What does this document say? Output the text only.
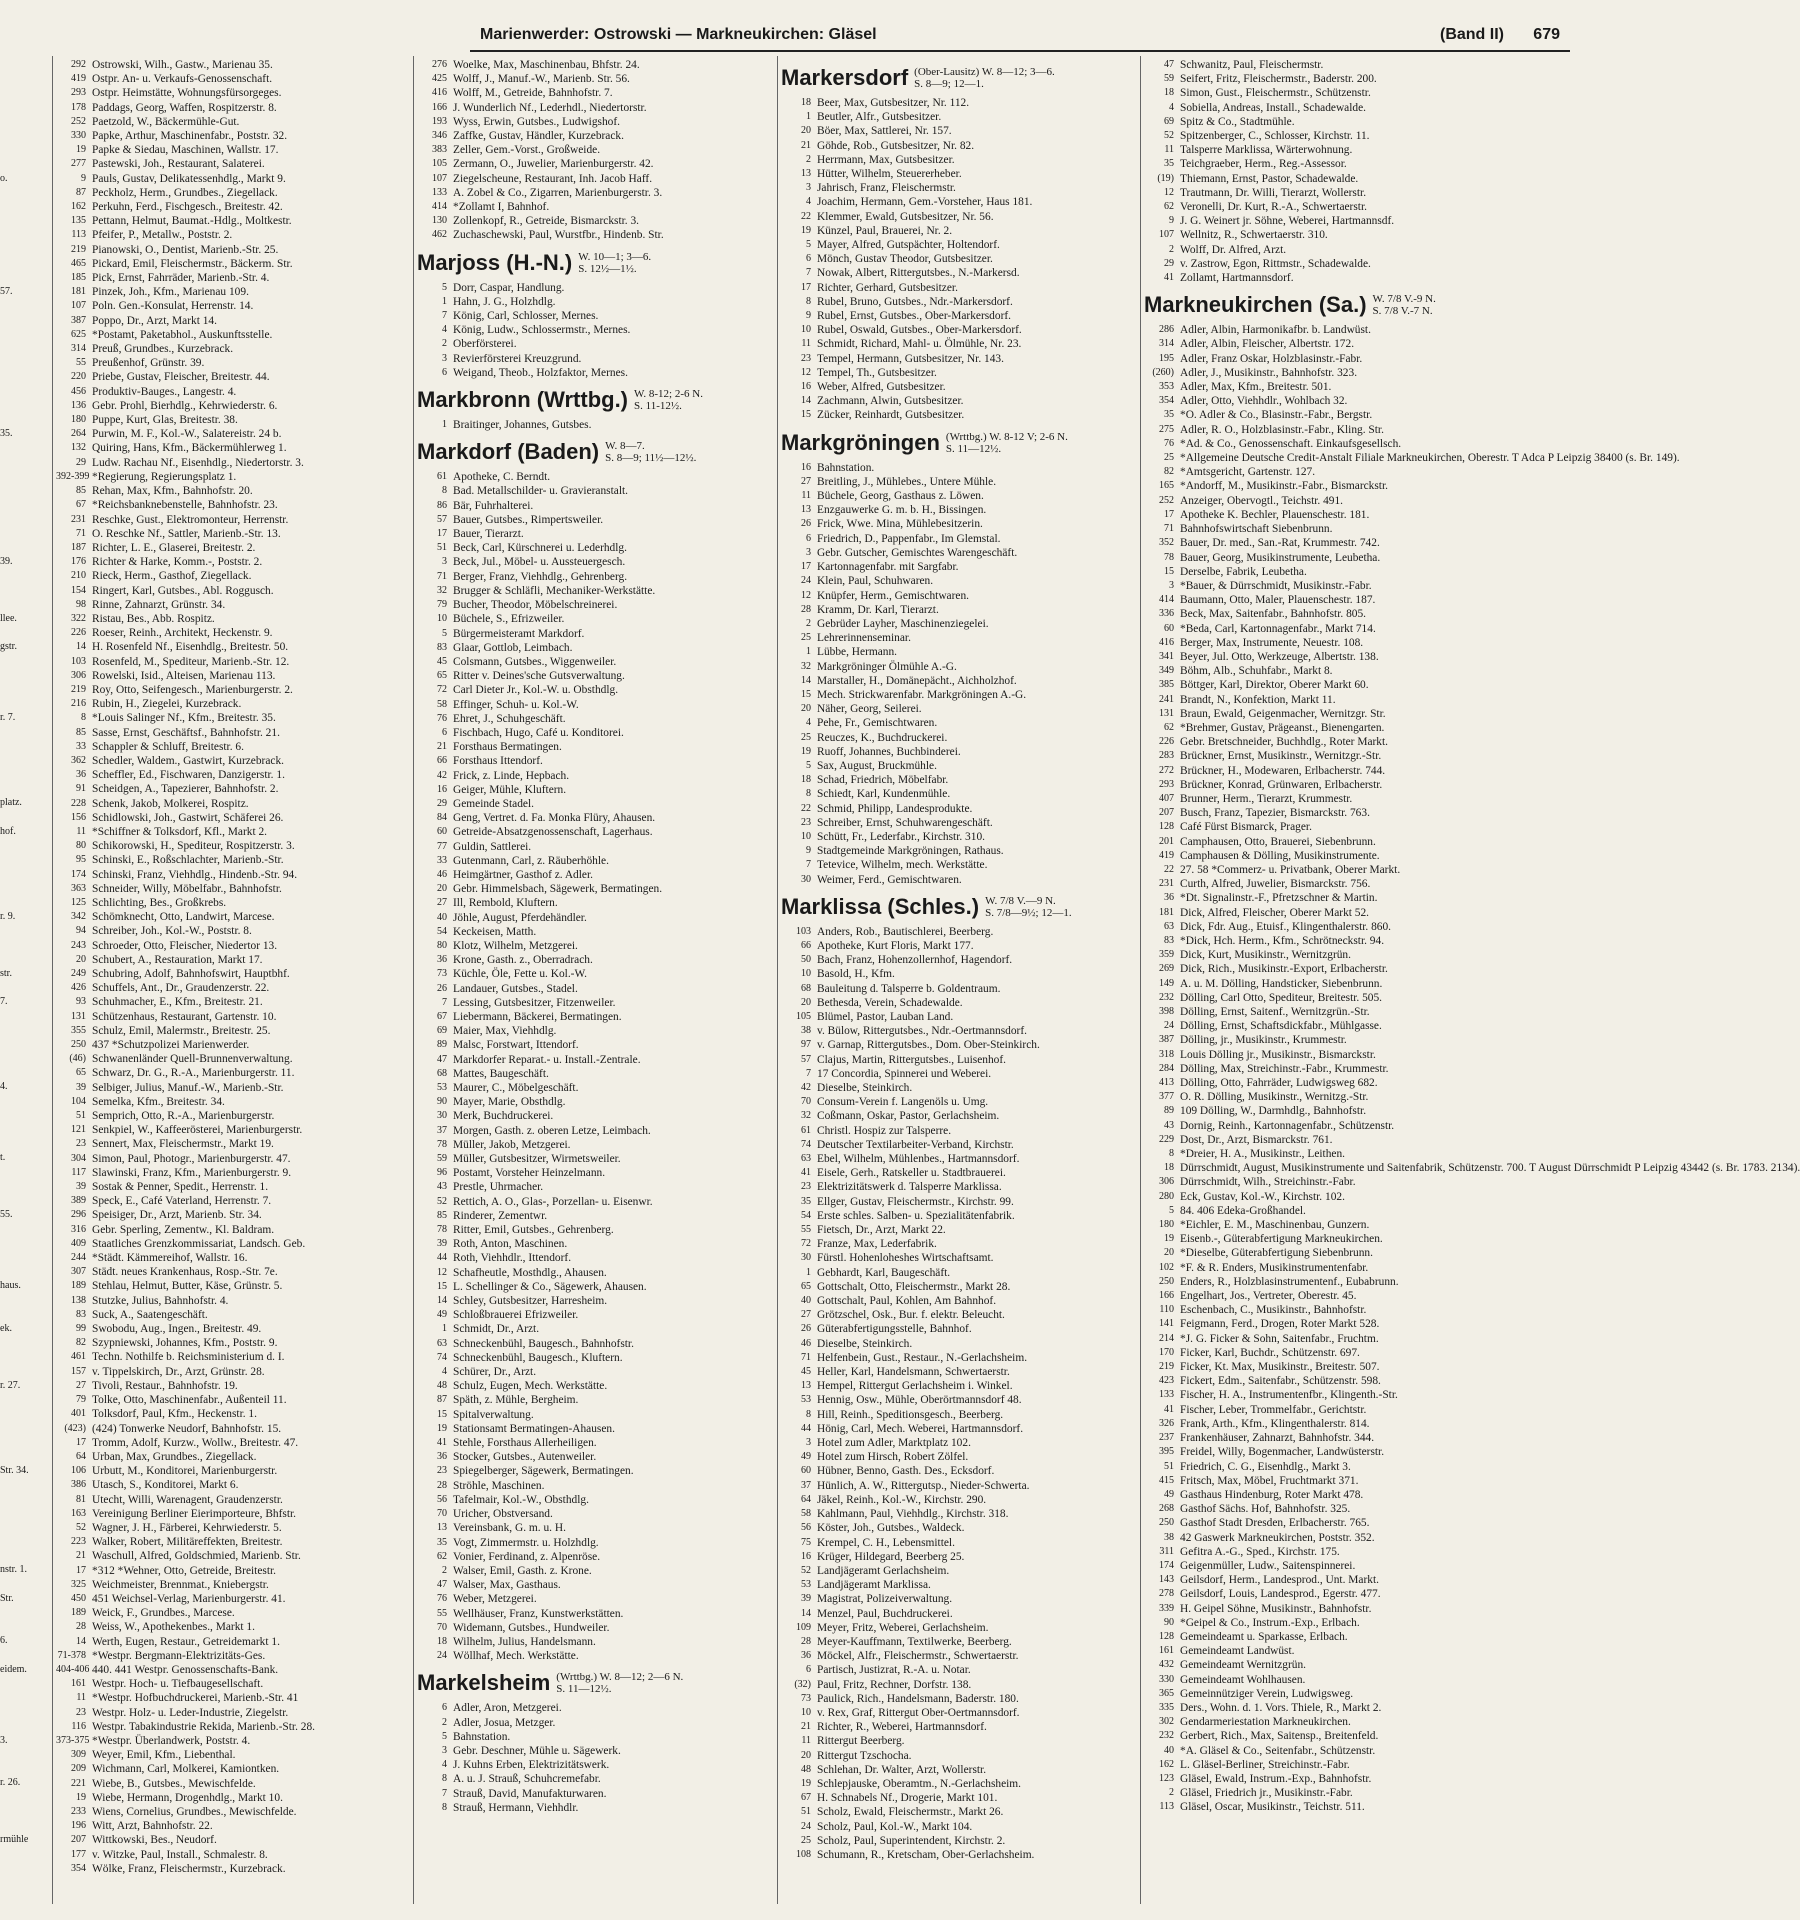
Marienwerder: Ostrowski — Markneukirchen: Gläsel	(Band II) 679
o.
57.
35.
39.
llee.
gstr.
r. 7.
platz.
hof.
r. 9.
str.
7.
4.
t.
55.
haus.
ek.
r. 27.
Str. 34.
nstr. 1.
Str.
6.
eidem.
3.
r. 26.
rmühle
292 Ostrowski, Wilh., Gastw., Marienau 35.
419 Ostpr. An- u. Verkaufs-Genossenschaft.
293 Ostpr. Heimstätte, Wohnungsfürsorgeges.
178 Paddags, Georg, Waffen, Rospitzerstr. 8.
252 Paetzold, W., Bäckermühle-Gut.
330 Papke, Arthur, Maschinenfabr., Poststr. 32.
19 Papke & Siedau, Maschinen, Wallstr. 17.
277 Pastewski, Joh., Restaurant, Salaterei.
9 Pauls, Gustav, Delikatessenhdlg., Markt 9.
87 Peckholz, Herm., Grundbes., Ziegellack.
162 Perkuhn, Ferd., Fischgesch., Breitestr. 42.
135 Pettann, Helmut, Baumat.-Hdlg., Moltkestr.
113 Pfeifer, P., Metallw., Poststr. 2.
219 Pianowski, O., Dentist, Marienb.-Str. 25.
465 Pickard, Emil, Fleischermstr., Bäckerm. Str.
185 Pick, Ernst, Fahrräder, Marienb.-Str. 4.
181 Pinzek, Joh., Kfm., Marienau 109.
107 Poln. Gen.-Konsulat, Herrenstr. 14.
387 Poppo, Dr., Arzt, Markt 14.
625 *Postamt, Paketabhol., Auskunftsstelle.
314 Preuß, Grundbes., Kurzebrack.
55 Preußenhof, Grünstr. 39.
220 Priebe, Gustav, Fleischer, Breitestr. 44.
456 Produktiv-Bauges., Langestr. 4.
136 Gebr. Prohl, Bierhdlg., Kehrwiederstr. 6.
180 Puppe, Kurt, Glas, Breitestr. 38.
264 Purwin, M. F., Kol.-W., Salatereistr. 24 b.
132 Quiring, Hans, Kfm., Bäckermühlerweg 1.
29 Ludw. Rachau Nf., Eisenhdlg., Niedertorstr. 3.
392-399 *Regierung, Regierungsplatz 1.
85 Rehan, Max, Kfm., Bahnhofstr. 20.
67 *Reichsbanknebenstelle, Bahnhofstr. 23.
231 Reschke, Gust., Elektromonteur, Herrenstr.
71 O. Reschke Nf., Sattler, Marienb.-Str. 13.
187 Richter, L. E., Glaserei, Breitestr. 2.
176 Richter & Harke, Komm.-, Poststr. 2.
210 Rieck, Herm., Gasthof, Ziegellack.
154 Ringert, Karl, Gutsbes., Abl. Roggusch.
98 Rinne, Zahnarzt, Grünstr. 34.
322 Ristau, Bes., Abb. Rospitz.
226 Roeser, Reinh., Architekt, Heckenstr. 9.
14 H. Rosenfeld Nf., Eisenhdlg., Breitestr. 50.
103 Rosenfeld, M., Spediteur, Marienb.-Str. 12.
306 Rowelski, Isid., Alteisen, Marienau 113.
219 Roy, Otto, Seifengesch., Marienburgerstr. 2.
216 Rubin, H., Ziegelei, Kurzebrack.
8 *Louis Salinger Nf., Kfm., Breitestr. 35.
85 Sasse, Ernst, Geschäftsf., Bahnhofstr. 21.
33 Schappler & Schluff, Breitestr. 6.
362 Schedler, Waldem., Gastwirt, Kurzebrack.
36 Scheffler, Ed., Fischwaren, Danzigerstr. 1.
91 Scheidgen, A., Tapezierer, Bahnhofstr. 2.
228 Schenk, Jakob, Molkerei, Rospitz.
156 Schidlowski, Joh., Gastwirt, Schäferei 26.
11 *Schiffner & Tolksdorf, Kfl., Markt 2.
80 Schikorowski, H., Spediteur, Rospitzerstr. 3.
95 Schinski, E., Roßschlachter, Marienb.-Str.
174 Schinski, Franz, Viehhdlg., Hindenb.-Str. 94.
363 Schneider, Willy, Möbelfabr., Bahnhofstr.
125 Schlichting, Bes., Großkrebs.
342 Schömknecht, Otto, Landwirt, Marcese.
94 Schreiber, Joh., Kol.-W., Poststr. 8.
243 Schroeder, Otto, Fleischer, Niedertor 13.
20 Schubert, A., Restauration, Markt 17.
249 Schubring, Adolf, Bahnhofswirt, Hauptbhf.
426 Schuffels, Ant., Dr., Graudenzerstr. 22.
93 Schuhmacher, E., Kfm., Breitestr. 21.
131 Schützenhaus, Restaurant, Gartenstr. 10.
355 Schulz, Emil, Malermstr., Breitestr. 25.
250 437 *Schutzpolizei Marienwerder.
(46) Schwanenländer Quell-Brunnenverwaltung.
65 Schwarz, Dr. G., R.-A., Marienburgerstr. 11.
39 Selbiger, Julius, Manuf.-W., Marienb.-Str.
104 Semelka, Kfm., Breitestr. 34.
51 Semprich, Otto, R.-A., Marienburgerstr.
121 Senkpiel, W., Kaffeerösterei, Marienburgerstr.
23 Sennert, Max, Fleischermstr., Markt 19.
304 Simon, Paul, Photogr., Marienburgerstr. 47.
117 Slawinski, Franz, Kfm., Marienburgerstr. 9.
39 Sostak & Penner, Spedit., Herrenstr. 1.
389 Speck, E., Café Vaterland, Herrenstr. 7.
296 Speisiger, Dr., Arzt, Marienb. Str. 34.
316 Gebr. Sperling, Zementw., Kl. Baldram.
409 Staatliches Grenzkommissariat, Landsch. Geb.
244 *Städt. Kämmereihof, Wallstr. 16.
307 Städt. neues Krankenhaus, Rosp.-Str. 7e.
189 Stehlau, Helmut, Butter, Käse, Grünstr. 5.
138 Stutzke, Julius, Bahnhofstr. 4.
83 Suck, A., Saatengeschäft.
99 Swobodu, Aug., Ingen., Breitestr. 49.
82 Szypniewski, Johannes, Kfm., Poststr. 9.
461 Techn. Nothilfe b. Reichsministerium d. I.
157 v. Tippelskirch, Dr., Arzt, Grünstr. 28.
27 Tivoli, Restaur., Bahnhofstr. 19.
79 Tolke, Otto, Maschinenfabr., Außenteil 11.
401 Tolksdorf, Paul, Kfm., Heckenstr. 1.
(423) (424) Tonwerke Neudorf, Bahnhofstr. 15.
17 Tromm, Adolf, Kurzw., Wollw., Breitestr. 47.
64 Urban, Max, Grundbes., Ziegellack.
106 Urbutt, M., Konditorei, Marienburgerstr.
386 Utasch, S., Konditorei, Markt 6.
81 Utecht, Willi, Warenagent, Graudenzerstr.
163 Vereinigung Berliner Eierimporteure, Bhfstr.
52 Wagner, J. H., Färberei, Kehrwiederstr. 5.
223 Walker, Robert, Militäreffekten, Breitestr.
21 Waschull, Alfred, Goldschmied, Marienb. Str.
17 *312 *Wehner, Otto, Getreide, Breitestr.
325 Weichmeister, Brennmat., Kniebergstr.
450 451 Weichsel-Verlag, Marienburgerstr. 41.
189 Weick, F., Grundbes., Marcese.
28 Weiss, W., Apothekenbes., Markt 1.
14 Werth, Eugen, Restaur., Getreidemarkt 1.
71-378 *Westpr. Bergmann-Elektrizitäts-Ges.
404-406 440. 441 Westpr. Genossenschafts-Bank.
161 Westpr. Hoch- u. Tiefbaugesellschaft.
11 *Westpr. Hofbuchdruckerei, Marienb.-Str. 41
23 Westpr. Holz- u. Leder-Industrie, Ziegelstr.
116 Westpr. Tabakindustrie Rekida, Marienb.-Str. 28.
373-375 *Westpr. Überlandwerk, Poststr. 4.
309 Weyer, Emil, Kfm., Liebenthal.
209 Wichmann, Carl, Molkerei, Kamiontken.
221 Wiebe, B., Gutsbes., Mewischfelde.
19 Wiebe, Hermann, Drogenhdlg., Markt 10.
233 Wiens, Cornelius, Grundbes., Mewischfelde.
196 Witt, Arzt, Bahnhofstr. 22.
207 Wittkowski, Bes., Neudorf.
177 v. Witzke, Paul, Install., Schmalestr. 8.
354 Wölke, Franz, Fleischermstr., Kurzebrack.
276 Woelke, Max, Maschinenbau, Bhfstr. 24.
425 Wolff, J., Manuf.-W., Marienb. Str. 56.
416 Wolff, M., Getreide, Bahnhofstr. 7.
166 J. Wunderlich Nf., Lederhdl., Niedertorstr.
193 Wyss, Erwin, Gutsbes., Ludwigshof.
346 Zaffke, Gustav, Händler, Kurzebrack.
383 Zeller, Gem.-Vorst., Großweide.
105 Zermann, O., Juwelier, Marienburgerstr. 42.
107 Ziegelscheune, Restaurant, Inh. Jacob Haff.
133 A. Zobel & Co., Zigarren, Marienburgerstr. 3.
414 *Zollamt I, Bahnhof.
130 Zollenkopf, R., Getreide, Bismarckstr. 3.
462 Zuchaschewski, Paul, Wurstfbr., Hindenb. Str.
Marjoss (H.-N.) W. 10—1; 3—6.
S. 12½—1½.
5 Dorr, Caspar, Handlung.
1 Hahn, J. G., Holzhdlg.
7 König, Carl, Schlosser, Mernes.
4 König, Ludw., Schlossermstr., Mernes.
2 Oberförsterei.
3 Revierförsterei Kreuzgrund.
6 Weigand, Theob., Holzfaktor, Mernes.
Markbronn (Wrttbg.) W. 8-12; 2-6 N.
S. 11-12½.
1 Braitinger, Johannes, Gutsbes.
Markdorf (Baden) W. 8—7.
S. 8—9; 11½—12½.
61 Apotheke, C. Berndt.
8 Bad. Metallschilder- u. Gravieranstalt.
86 Bär, Fuhrhalterei.
57 Bauer, Gutsbes., Rimpertsweiler.
17 Bauer, Tierarzt.
51 Beck, Carl, Kürschnerei u. Lederhdlg.
3 Beck, Jul., Möbel- u. Aussteuergesch.
71 Berger, Franz, Viehhdlg., Gehrenberg.
32 Brugger & Schläfli, Mechaniker-Werkstätte.
79 Bucher, Theodor, Möbelschreinerei.
10 Büchele, S., Efrizweiler.
5 Bürgermeisteramt Markdorf.
83 Glaar, Gottlob, Leimbach.
45 Colsmann, Gutsbes., Wiggenweiler.
65 Ritter v. Deines'sche Gutsverwaltung.
72 Carl Dieter Jr., Kol.-W. u. Obsthdlg.
58 Effinger, Schuh- u. Kol.-W.
76 Ehret, J., Schuhgeschäft.
6 Fischbach, Hugo, Café u. Konditorei.
21 Forsthaus Bermatingen.
66 Forsthaus Ittendorf.
42 Frick, z. Linde, Hepbach.
16 Geiger, Mühle, Kluftern.
29 Gemeinde Stadel.
84 Geng, Vertret. d. Fa. Monka Flüry, Ahausen.
60 Getreide-Absatzgenossenschaft, Lagerhaus.
77 Guldin, Sattlerei.
33 Gutenmann, Carl, z. Räuberhöhle.
46 Heimgärtner, Gasthof z. Adler.
20 Gebr. Himmelsbach, Sägewerk, Bermatingen.
27 Ill, Rembold, Kluftern.
40 Jöhle, August, Pferdehändler.
54 Keckeisen, Matth.
80 Klotz, Wilhelm, Metzgerei.
36 Krone, Gasth. z., Oberradrach.
73 Küchle, Öle, Fette u. Kol.-W.
26 Landauer, Gutsbes., Stadel.
7 Lessing, Gutsbesitzer, Fitzenweiler.
67 Liebermann, Bäckerei, Bermatingen.
69 Maier, Max, Viehhdlg.
89 Malsc, Forstwart, Ittendorf.
47 Markdorfer Reparat.- u. Install.-Zentrale.
68 Mattes, Baugeschäft.
53 Maurer, C., Möbelgeschäft.
90 Mayer, Marie, Obsthdlg.
30 Merk, Buchdruckerei.
37 Morgen, Gasth. z. oberen Letze, Leimbach.
78 Müller, Jakob, Metzgerei.
59 Müller, Gutsbesitzer, Wirmetsweiler.
96 Postamt, Vorsteher Heinzelmann.
43 Prestle, Uhrmacher.
52 Rettich, A. O., Glas-, Porzellan- u. Eisenwr.
85 Rinderer, Zementwr.
78 Ritter, Emil, Gutsbes., Gehrenberg.
39 Roth, Anton, Maschinen.
44 Roth, Viehhdlr., Ittendorf.
12 Schafheutle, Mosthdlg., Ahausen.
15 L. Schellinger & Co., Sägewerk, Ahausen.
14 Schley, Gutsbesitzer, Harresheim.
49 Schloßbrauerei Efrizweiler.
1 Schmidt, Dr., Arzt.
63 Schneckenbühl, Baugesch., Bahnhofstr.
74 Schneckenbühl, Baugesch., Kluftern.
4 Schürer, Dr., Arzt.
48 Schulz, Eugen, Mech. Werkstätte.
87 Späth, z. Mühle, Bergheim.
15 Spitalverwaltung.
19 Stationsamt Bermatingen-Ahausen.
41 Stehle, Forsthaus Allerheiligen.
36 Stocker, Gutsbes., Autenweiler.
23 Spiegelberger, Sägewerk, Bermatingen.
28 Ströhle, Maschinen.
56 Tafelmair, Kol.-W., Obsthdlg.
70 Uricher, Obstversand.
13 Vereinsbank, G. m. u. H.
35 Vogt, Zimmermstr. u. Holzhdlg.
62 Vonier, Ferdinand, z. Alpenröse.
2 Walser, Emil, Gasth. z. Krone.
47 Walser, Max, Gasthaus.
76 Weber, Metzgerei.
55 Wellhäuser, Franz, Kunstwerkstätten.
70 Widemann, Gutsbes., Hundweiler.
18 Wilhelm, Julius, Handelsmann.
24 Wöllhaf, Mech. Werkstätte.
Markelsheim (Wrttbg.) W. 8—12; 2—6 N.
S. 11—12½.
6 Adler, Aron, Metzgerei.
2 Adler, Josua, Metzger.
5 Bahnstation.
3 Gebr. Deschner, Mühle u. Sägewerk.
4 J. Kuhns Erben, Elektrizitätswerk.
8 A. u. J. Strauß, Schuhcremefabr.
7 Strauß, David, Manufakturwaren.
8 Strauß, Hermann, Viehhdlr.
Markersdorf (Ober-Lausitz) W. 8—12; 3—6.
S. 8—9; 12—1.
18 Beer, Max, Gutsbesitzer, Nr. 112.
1 Beutler, Alfr., Gutsbesitzer.
20 Böer, Max, Sattlerei, Nr. 157.
21 Göhde, Rob., Gutsbesitzer, Nr. 82.
2 Herrmann, Max, Gutsbesitzer.
13 Hütter, Wilhelm, Steuererheber.
3 Jahrisch, Franz, Fleischermstr.
4 Joachim, Hermann, Gem.-Vorsteher, Haus 181.
22 Klemmer, Ewald, Gutsbesitzer, Nr. 56.
19 Künzel, Paul, Brauerei, Nr. 2.
5 Mayer, Alfred, Gutspächter, Holtendorf.
6 Mönch, Gustav Theodor, Gutsbesitzer.
7 Nowak, Albert, Rittergutsbes., N.-Markersd.
17 Richter, Gerhard, Gutsbesitzer.
8 Rubel, Bruno, Gutsbes., Ndr.-Markersdorf.
9 Rubel, Ernst, Gutsbes., Ober-Markersdorf.
10 Rubel, Oswald, Gutsbes., Ober-Markersdorf.
11 Schmidt, Richard, Mahl- u. Ölmühle, Nr. 23.
23 Tempel, Hermann, Gutsbesitzer, Nr. 143.
12 Tempel, Th., Gutsbesitzer.
16 Weber, Alfred, Gutsbesitzer.
14 Zachmann, Alwin, Gutsbesitzer.
15 Zücker, Reinhardt, Gutsbesitzer.
Markgröningen (Wrttbg.) W. 8-12 V; 2-6 N.
S. 11—12½.
16 Bahnstation.
27 Breitling, J., Mühlebes., Untere Mühle.
11 Büchele, Georg, Gasthaus z. Löwen.
13 Enzgauwerke G. m. b. H., Bissingen.
26 Frick, Wwe. Mina, Mühlebesitzerin.
6 Friedrich, D., Pappenfabr., Im Glemstal.
3 Gebr. Gutscher, Gemischtes Warengeschäft.
17 Kartonnagenfabr. mit Sargfabr.
24 Klein, Paul, Schuhwaren.
12 Knüpfer, Herm., Gemischtwaren.
28 Kramm, Dr. Karl, Tierarzt.
2 Gebrüder Layher, Maschinenziegelei.
25 Lehrerinnenseminar.
1 Lübbe, Hermann.
32 Markgröninger Ölmühle A.-G.
14 Marstaller, H., Domänepächt., Aichholzhof.
15 Mech. Strickwarenfabr. Markgröningen A.-G.
20 Näher, Georg, Seilerei.
4 Pehe, Fr., Gemischtwaren.
25 Reuczes, K., Buchdruckerei.
19 Ruoff, Johannes, Buchbinderei.
5 Sax, August, Bruckmühle.
18 Schad, Friedrich, Möbelfabr.
8 Schiedt, Karl, Kundenmühle.
22 Schmid, Philipp, Landesprodukte.
23 Schreiber, Ernst, Schuhwarengeschäft.
10 Schütt, Fr., Lederfabr., Kirchstr. 310.
9 Stadtgemeinde Markgröningen, Rathaus.
7 Tetevice, Wilhelm, mech. Werkstätte.
30 Weimer, Ferd., Gemischtwaren.
Marklissa (Schles.) W. 7/8 V.—9 N.
S. 7/8—9½; 12—1.
103 Anders, Rob., Bautischlerei, Beerberg.
66 Apotheke, Kurt Floris, Markt 177.
50 Bach, Franz, Hohenzollernhof, Hagendorf.
10 Basold, H., Kfm.
68 Bauleitung d. Talsperre b. Goldentraum.
20 Bethesda, Verein, Schadewalde.
105 Blümel, Pastor, Lauban Land.
38 v. Bülow, Rittergutsbes., Ndr.-Oertmannsdorf.
97 v. Garnap, Rittergutsbes., Dom. Ober-Steinkirch.
57 Clajus, Martin, Rittergutsbes., Luisenhof.
7 17 Concordia, Spinnerei und Weberei.
42 Dieselbe, Steinkirch.
70 Consum-Verein f. Langenöls u. Umg.
32 Coßmann, Oskar, Pastor, Gerlachsheim.
61 Christl. Hospiz zur Talsperre.
74 Deutscher Textilarbeiter-Verband, Kirchstr.
63 Ebel, Wilhelm, Mühlenbes., Hartmannsdorf.
41 Eisele, Gerh., Ratskeller u. Stadtbrauerei.
23 Elektrizitätswerk d. Talsperre Marklissa.
35 Ellger, Gustav, Fleischermstr., Kirchstr. 99.
54 Erste schles. Salben- u. Spezialitätenfabrik.
55 Fietsch, Dr., Arzt, Markt 22.
72 Franze, Max, Lederfabrik.
30 Fürstl. Hohenloheshes Wirtschaftsamt.
1 Gebhardt, Karl, Baugeschäft.
65 Gottschalt, Otto, Fleischermstr., Markt 28.
40 Gottschalt, Paul, Kohlen, Am Bahnhof.
27 Grötzschel, Osk., Bur. f. elektr. Beleucht.
26 Güterabfertigungsstelle, Bahnhof.
46 Dieselbe, Steinkirch.
71 Helfenbein, Gust., Restaur., N.-Gerlachsheim.
45 Heller, Karl, Handelsmann, Schwertaerstr.
13 Hempel, Rittergut Gerlachsheim i. Winkel.
53 Hennig, Osw., Mühle, Oberörtmannsdorf 48.
8 Hill, Reinh., Speditionsgesch., Beerberg.
44 Hönig, Carl, Mech. Weberei, Hartmannsdorf.
3 Hotel zum Adler, Marktplatz 102.
49 Hotel zum Hirsch, Robert Zölfel.
60 Hübner, Benno, Gasth. Des., Ecksdorf.
37 Hünlich, A. W., Rittergutsp., Nieder-Schwerta.
64 Jäkel, Reinh., Kol.-W., Kirchstr. 290.
58 Kahlmann, Paul, Viehhdlg., Kirchstr. 318.
56 Köster, Joh., Gutsbes., Waldeck.
75 Krempel, C. H., Lebensmittel.
16 Krüger, Hildegard, Beerberg 25.
52 Landjägeramt Gerlachsheim.
53 Landjägeramt Marklissa.
39 Magistrat, Polizeiverwaltung.
14 Menzel, Paul, Buchdruckerei.
109 Meyer, Fritz, Weberei, Gerlachsheim.
28 Meyer-Kauffmann, Textilwerke, Beerberg.
36 Möckel, Alfr., Fleischermstr., Schwertaerstr.
6 Partisch, Justizrat, R.-A. u. Notar.
(32) Paul, Fritz, Rechner, Dorfstr. 138.
73 Paulick, Rich., Handelsmann, Baderstr. 180.
10 v. Rex, Graf, Rittergut Ober-Oertmannsdorf.
21 Richter, R., Weberei, Hartmannsdorf.
11 Rittergut Beerberg.
20 Rittergut Tzschocha.
48 Schlehan, Dr. Walter, Arzt, Wollerstr.
19 Schlepjauske, Oberamtm., N.-Gerlachsheim.
67 H. Schnabels Nf., Drogerie, Markt 101.
51 Scholz, Ewald, Fleischermstr., Markt 26.
24 Scholz, Paul, Kol.-W., Markt 104.
25 Scholz, Paul, Superintendent, Kirchstr. 2.
108 Schumann, R., Kretscham, Ober-Gerlachsheim.
47 Schwanitz, Paul, Fleischermstr.
59 Seifert, Fritz, Fleischermstr., Baderstr. 200.
18 Simon, Gust., Fleischermstr., Schützenstr.
4 Sobiella, Andreas, Install., Schadewalde.
69 Spitz & Co., Stadtmühle.
52 Spitzenberger, C., Schlosser, Kirchstr. 11.
11 Talsperre Marklissa, Wärterwohnung.
35 Teichgraeber, Herm., Reg.-Assessor.
(19) Thiemann, Ernst, Pastor, Schadewalde.
12 Trautmann, Dr. Willi, Tierarzt, Wollerstr.
62 Veronelli, Dr. Kurt, R.-A., Schwertaerstr.
9 J. G. Weinert jr. Söhne, Weberei, Hartmannsdf.
107 Wellnitz, R., Schwertaerstr. 310.
2 Wolff, Dr. Alfred, Arzt.
29 v. Zastrow, Egon, Rittmstr., Schadewalde.
41 Zollamt, Hartmannsdorf.
Markneukirchen (Sa.) W. 7/8 V.-9 N.
S. 7/8 V.-7 N.
286 Adler, Albin, Harmonikafbr. b. Landwüst.
314 Adler, Albin, Fleischer, Albertstr. 172.
195 Adler, Franz Oskar, Holzblasinstr.-Fabr.
(260) Adler, J., Musikinstr., Bahnhofstr. 323.
353 Adler, Max, Kfm., Breitestr. 501.
354 Adler, Otto, Viehhdlr., Wohlbach 32.
35 *O. Adler & Co., Blasinstr.-Fabr., Bergstr.
275 Adler, R. O., Holzblasinstr.-Fabr., Kling. Str.
76 *Ad. & Co., Genossenschaft. Einkaufsgesellsch.
25 *Allgemeine Deutsche Credit-Anstalt Filiale Markneukirchen, Oberestr. T Adca P Leipzig 38400 (s. Br. 149).
82 *Amtsgericht, Gartenstr. 127.
165 *Andorff, M., Musikinstr.-Fabr., Bismarckstr.
252 Anzeiger, Obervogtl., Teichstr. 491.
17 Apotheke K. Bechler, Plauenschestr. 181.
71 Bahnhofswirtschaft Siebenbrunn.
352 Bauer, Dr. med., San.-Rat, Krummestr. 742.
78 Bauer, Georg, Musikinstrumente, Leubetha.
15 Derselbe, Fabrik, Leubetha.
3 *Bauer, & Dürrschmidt, Musikinstr.-Fabr.
414 Baumann, Otto, Maler, Plauenschestr. 187.
336 Beck, Max, Saitenfabr., Bahnhofstr. 805.
60 *Beda, Carl, Kartonnagenfabr., Markt 714.
416 Berger, Max, Instrumente, Neuestr. 108.
341 Beyer, Jul. Otto, Werkzeuge, Albertstr. 138.
349 Böhm, Alb., Schuhfabr., Markt 8.
385 Böttger, Karl, Direktor, Oberer Markt 60.
241 Brandt, N., Konfektion, Markt 11.
131 Braun, Ewald, Geigenmacher, Wernitzgr. Str.
62 *Brehmer, Gustav, Prägeanst., Bienengarten.
226 Gebr. Bretschneider, Buchhdlg., Roter Markt.
283 Brückner, Ernst, Musikinstr., Wernitzgr.-Str.
272 Brückner, H., Modewaren, Erlbacherstr. 744.
293 Brückner, Konrad, Grünwaren, Erlbacherstr.
407 Brunner, Herm., Tierarzt, Krummestr.
207 Busch, Franz, Tapezier, Bismarckstr. 763.
128 Café Fürst Bismarck, Prager.
201 Camphausen, Otto, Brauerei, Siebenbrunn.
419 Camphausen & Dölling, Musikinstrumente.
22 27. 58 *Commerz- u. Privatbank, Oberer Markt.
231 Curth, Alfred, Juwelier, Bismarckstr. 756.
36 *Dt. Signalinstr.-F., Pfretzschner & Martin.
181 Dick, Alfred, Fleischer, Oberer Markt 52.
63 Dick, Fdr. Aug., Etuisf., Klingenthalerstr. 860.
83 *Dick, Hch. Herm., Kfm., Schrötneckstr. 94.
359 Dick, Kurt, Musikinstr., Wernitzgrün.
269 Dick, Rich., Musikinstr.-Export, Erlbacherstr.
149 A. u. M. Dölling, Handsticker, Siebenbrunn.
232 Dölling, Carl Otto, Spediteur, Breitestr. 505.
398 Dölling, Ernst, Saitenf., Wernitzgrün.-Str.
24 Dölling, Ernst, Schaftsdickfabr., Mühlgasse.
387 Dölling, jr., Musikinstr., Krummestr.
318 Louis Dölling jr., Musikinstr., Bismarckstr.
284 Dölling, Max, Streichinstr.-Fabr., Krummestr.
413 Dölling, Otto, Fahrräder, Ludwigsweg 682.
377 O. R. Dölling, Musikinstr., Wernitzg.-Str.
89 109 Dölling, W., Darmhdlg., Bahnhofstr.
43 Dornig, Reinh., Kartonnagenfabr., Schützenstr.
229 Dost, Dr., Arzt, Bismarckstr. 761.
8 *Dreier, H. A., Musikinstr., Leithen.
18 Dürrschmidt, August, Musikinstrumente und Saitenfabrik, Schützenstr. 700. T August Dürrschmidt P Leipzig 43442 (s. Br. 1783. 2134).
306 Dürrschmidt, Wilh., Streichinstr.-Fabr.
280 Eck, Gustav, Kol.-W., Kirchstr. 102.
5 84. 406 Edeka-Großhandel.
180 *Eichler, E. M., Maschinenbau, Gunzern.
19 Eisenb.-, Güterabfertigung Markneukirchen.
20 *Dieselbe, Güterabfertigung Siebenbrunn.
102 *F. & R. Enders, Musikinstrumentenfabr.
250 Enders, R., Holzblasinstrumentenf., Eubabrunn.
166 Engelhart, Jos., Vertreter, Oberestr. 45.
110 Eschenbach, C., Musikinstr., Bahnhofstr.
141 Feigmann, Ferd., Drogen, Roter Markt 528.
214 *J. G. Ficker & Sohn, Saitenfabr., Fruchtm.
170 Ficker, Karl, Buchdr., Schützenstr. 697.
219 Ficker, Kt. Max, Musikinstr., Breitestr. 507.
423 Fickert, Edm., Saitenfabr., Schützenstr. 598.
133 Fischer, H. A., Instrumentenfbr., Klingenth.-Str.
41 Fischer, Leber, Trommelfabr., Gerichtstr.
326 Frank, Arth., Kfm., Klingenthalerstr. 814.
237 Frankenhäuser, Zahnarzt, Bahnhofstr. 344.
395 Freidel, Willy, Bogenmacher, Landwüsterstr.
51 Friedrich, C. G., Eisenhdlg., Markt 3.
415 Fritsch, Max, Möbel, Fruchtmarkt 371.
49 Gasthaus Hindenburg, Roter Markt 478.
268 Gasthof Sächs. Hof, Bahnhofstr. 325.
250 Gasthof Stadt Dresden, Erlbacherstr. 765.
38 42 Gaswerk Markneukirchen, Poststr. 352.
311 Gefitra A.-G., Sped., Kirchstr. 175.
174 Geigenmüller, Ludw., Saitenspinnerei.
143 Geilsdorf, Herm., Landesprod., Unt. Markt.
278 Geilsdorf, Louis, Landesprod., Egerstr. 477.
339 H. Geipel Söhne, Musikinstr., Bahnhofstr.
90 *Geipel & Co., Instrum.-Exp., Erlbach.
128 Gemeindeamt u. Sparkasse, Erlbach.
161 Gemeindeamt Landwüst.
432 Gemeindeamt Wernitzgrün.
330 Gemeindeamt Wohlhausen.
365 Gemeinnütziger Verein, Ludwigsweg.
335 Ders., Wohn. d. 1. Vors. Thiele, R., Markt 2.
302 Gendarmeriestation Markneukirchen.
232 Gerbert, Rich., Max, Saitensp., Breitenfeld.
40 *A. Gläsel & Co., Seitenfabr., Schützenstr.
162 L. Gläsel-Berliner, Streichinstr.-Fabr.
123 Gläsel, Ewald, Instrum.-Exp., Bahnhofstr.
2 Gläsel, Friedrich jr., Musikinstr.-Fabr.
113 Gläsel, Oscar, Musikinstr., Teichstr. 511.
